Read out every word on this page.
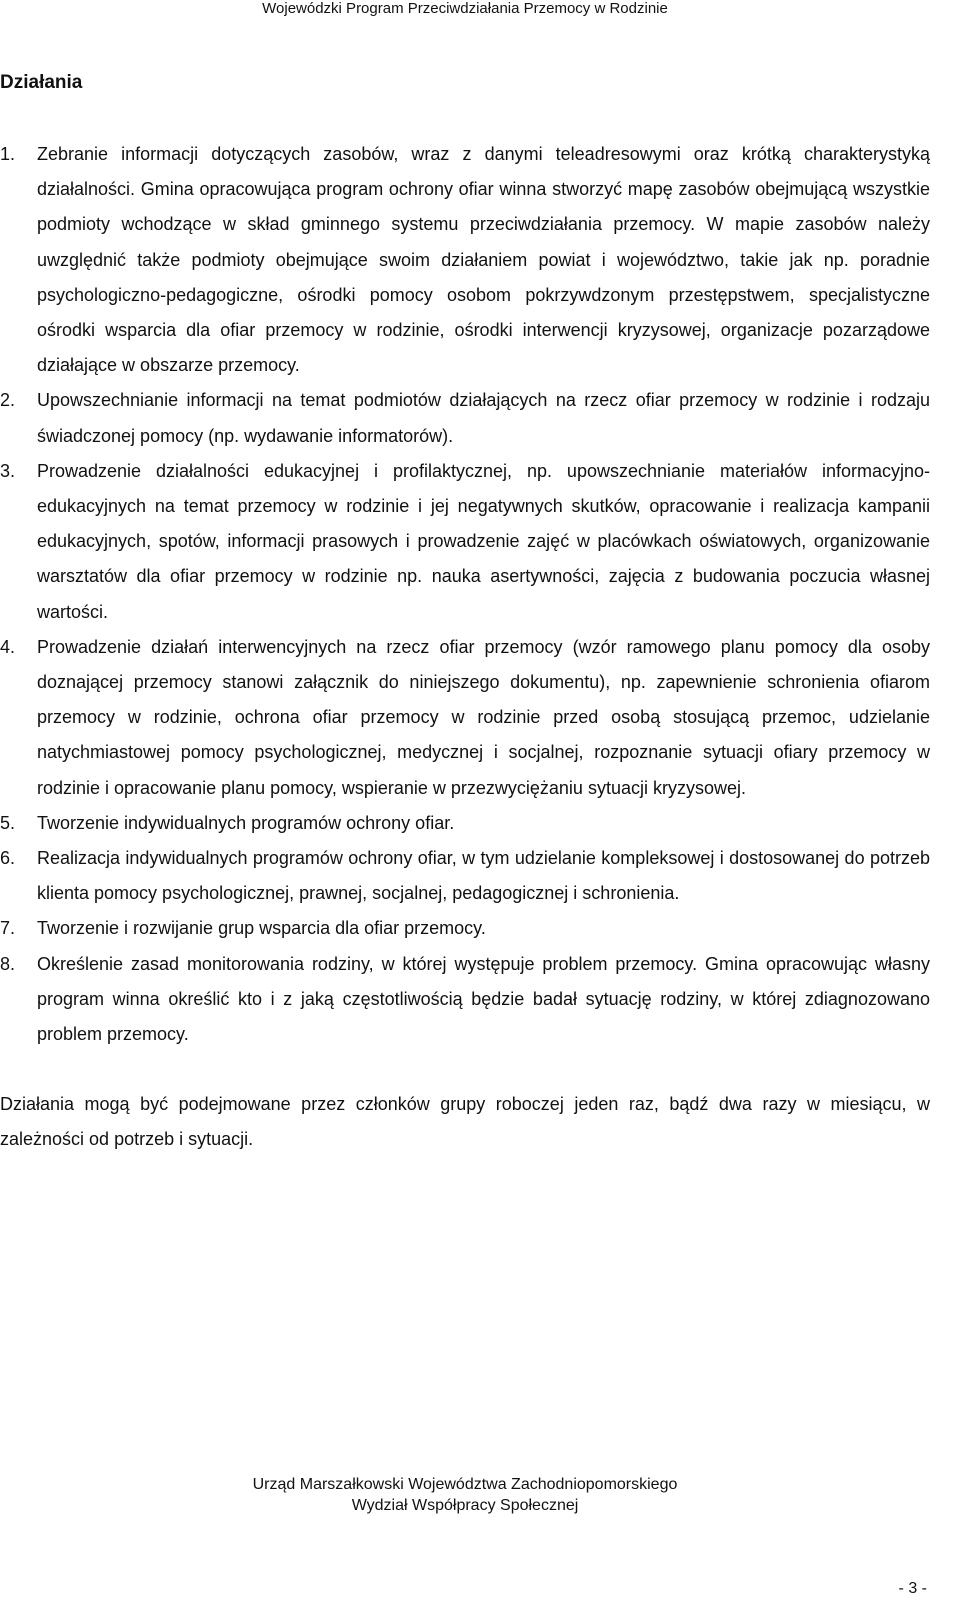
Wojewódzki Program Przeciwdziałania Przemocy w Rodzinie
Działania
1. Zebranie informacji dotyczących zasobów, wraz z danymi teleadresowymi oraz krótką charakterystyką działalności. Gmina opracowująca program ochrony ofiar winna stworzyć mapę zasobów obejmującą wszystkie podmioty wchodzące w skład gminnego systemu przeciwdziałania przemocy. W mapie zasobów należy uwzględnić także podmioty obejmujące swoim działaniem powiat i województwo, takie jak np. poradnie psychologiczno-pedagogiczne, ośrodki pomocy osobom pokrzywdzonym przestępstwem, specjalistyczne ośrodki wsparcia dla ofiar przemocy w rodzinie, ośrodki interwencji kryzysowej, organizacje pozarządowe działające w obszarze przemocy.
2. Upowszechnianie informacji na temat podmiotów działających na rzecz ofiar przemocy w rodzinie i rodzaju świadczonej pomocy (np. wydawanie informatorów).
3. Prowadzenie działalności edukacyjnej i profilaktycznej, np. upowszechnianie materiałów informacyjno-edukacyjnych na temat przemocy w rodzinie i jej negatywnych skutków, opracowanie i realizacja kampanii edukacyjnych, spotów, informacji prasowych i prowadzenie zajęć w placówkach oświatowych, organizowanie warsztatów dla ofiar przemocy w rodzinie np. nauka asertywności, zajęcia z budowania poczucia własnej wartości.
4. Prowadzenie działań interwencyjnych na rzecz ofiar przemocy (wzór ramowego planu pomocy dla osoby doznającej przemocy stanowi załącznik do niniejszego dokumentu), np. zapewnienie schronienia ofiarom przemocy w rodzinie, ochrona ofiar przemocy w rodzinie przed osobą stosującą przemoc, udzielanie natychmiastowej pomocy psychologicznej, medycznej i socjalnej, rozpoznanie sytuacji ofiary przemocy w rodzinie i opracowanie planu pomocy, wspieranie w przezwyciężaniu sytuacji kryzysowej.
5. Tworzenie indywidualnych programów ochrony ofiar.
6. Realizacja indywidualnych programów ochrony ofiar, w tym udzielanie kompleksowej i dostosowanej do potrzeb klienta pomocy psychologicznej, prawnej, socjalnej, pedagogicznej i schronienia.
7. Tworzenie i rozwijanie grup wsparcia dla ofiar przemocy.
8. Określenie zasad monitorowania rodziny, w której występuje problem przemocy. Gmina opracowując własny program winna określić kto i z jaką częstotliwością będzie badał sytuację rodziny, w której zdiagnozowano problem przemocy.

Działania mogą być podejmowane przez członków grupy roboczej jeden raz, bądź dwa razy w miesiącu, w zależności od potrzeb i sytuacji.

Urząd Marszałkowski Województwa Zachodniopomorskiego
Wydział Współpracy Społecznej
- 3 -
